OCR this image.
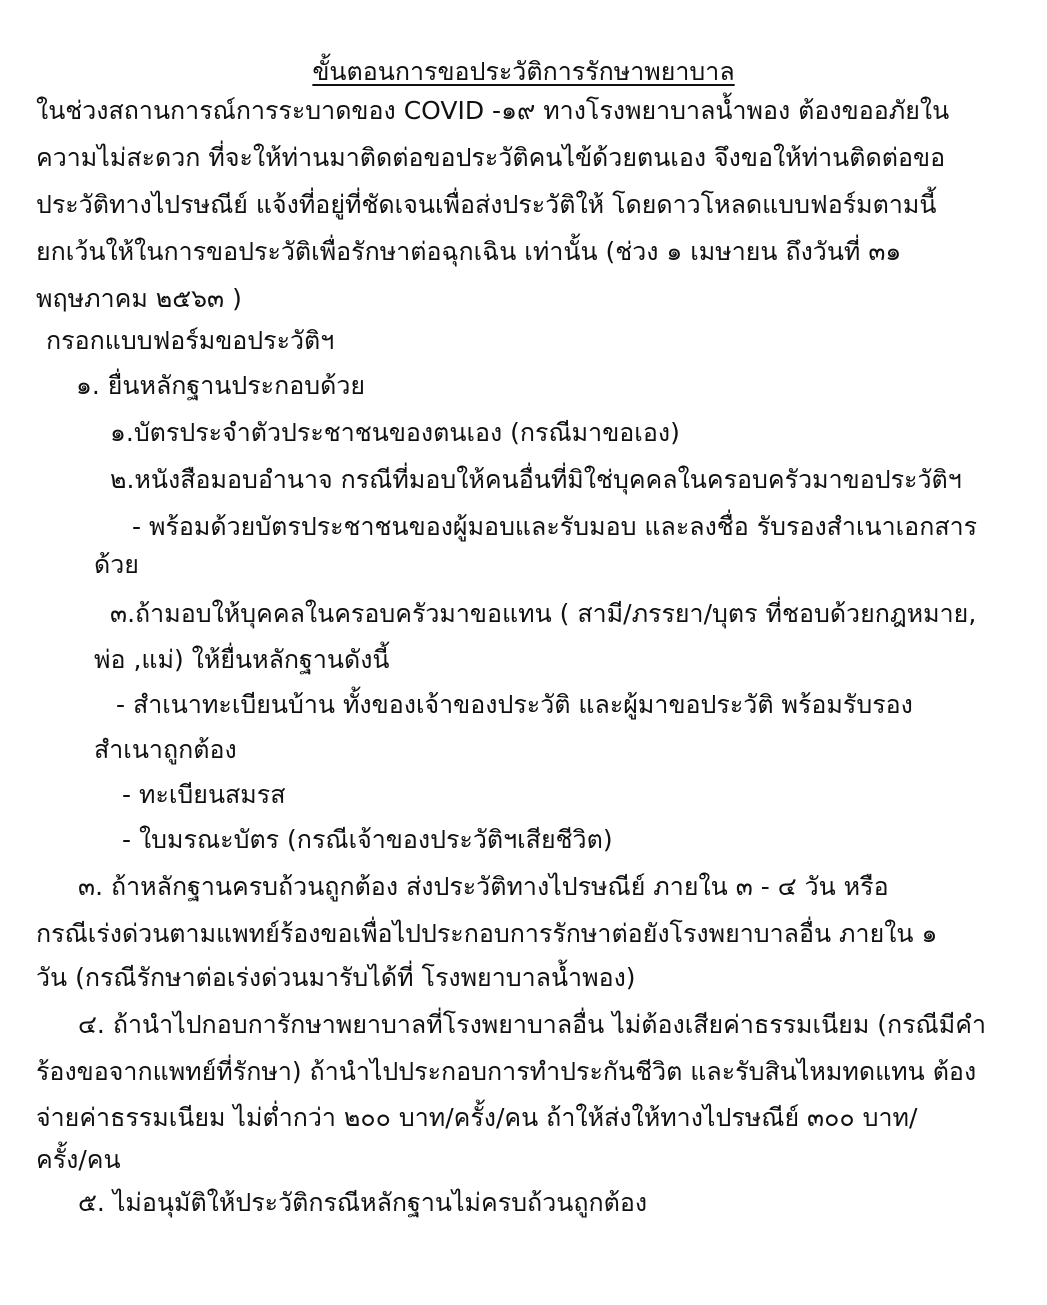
ขั้นตอนการขอประวัติการรักษาพยาบาล
ในช่วงสถานการณ์การระบาดของ COVID -๑๙ ทางโรงพยาบาลน้ำพอง ต้องขออภัยใน
ความไม่สะดวก ที่จะให้ท่านมาติดต่อขอประวัติคนไข้ด้วยตนเอง จึงขอให้ท่านติดต่อขอ
ประวัติทางไปรษณีย์ แจ้งที่อยู่ที่ชัดเจนเพื่อส่งประวัติให้ โดยดาวโหลดแบบฟอร์มตามนี้
ยกเว้นให้ในการขอประวัติเพื่อรักษาต่อฉุกเฉิน เท่านั้น (ช่วง ๑ เมษายน ถึงวันที่ ๓๑
พฤษภาคม ๒๕๖๓ )
กรอกแบบฟอร์มขอประวัติฯ
๑. ยื่นหลักฐานประกอบด้วย
๑.บัตรประจำตัวประชาชนของตนเอง (กรณีมาขอเอง)
๒.หนังสือมอบอำนาจ กรณีที่มอบให้คนอื่นที่มิใช่บุคคลในครอบครัวมาขอประวัติฯ
- พร้อมด้วยบัตรประชาชนของผู้มอบและรับมอบ และลงชื่อ รับรองสำเนาเอกสาร
ด้วย
๓.ถ้ามอบให้บุคคลในครอบครัวมาขอแทน ( สามี/ภรรยา/บุตร ที่ชอบด้วยกฎหมาย,
พ่อ ,แม่) ให้ยื่นหลักฐานดังนี้
- สำเนาทะเบียนบ้าน ทั้งของเจ้าของประวัติ และผู้มาขอประวัติ พร้อมรับรอง
สำเนาถูกต้อง
- ทะเบียนสมรส
- ใบมรณะบัตร (กรณีเจ้าของประวัติฯเสียชีวิต)
๓. ถ้าหลักฐานครบถ้วนถูกต้อง ส่งประวัติทางไปรษณีย์ ภายใน ๓ - ๔ วัน หรือ
กรณีเร่งด่วนตามแพทย์ร้องขอเพื่อไปประกอบการรักษาต่อยังโรงพยาบาลอื่น ภายใน ๑
วัน (กรณีรักษาต่อเร่งด่วนมารับได้ที่ โรงพยาบาลน้ำพอง)
๔. ถ้านำไปกอบการักษาพยาบาลที่โรงพยาบาลอื่น ไม่ต้องเสียค่าธรรมเนียม (กรณีมีคำ
ร้องขอจากแพทย์ที่รักษา) ถ้านำไปประกอบการทำประกันชีวิต และรับสินไหมทดแทน ต้อง
จ่ายค่าธรรมเนียม ไม่ต่ำกว่า ๒๐๐ บาท/ครั้ง/คน ถ้าให้ส่งให้ทางไปรษณีย์ ๓๐๐ บาท/
ครั้ง/คน
๕. ไม่อนุมัติให้ประวัติกรณีหลักฐานไม่ครบถ้วนถูกต้อง
